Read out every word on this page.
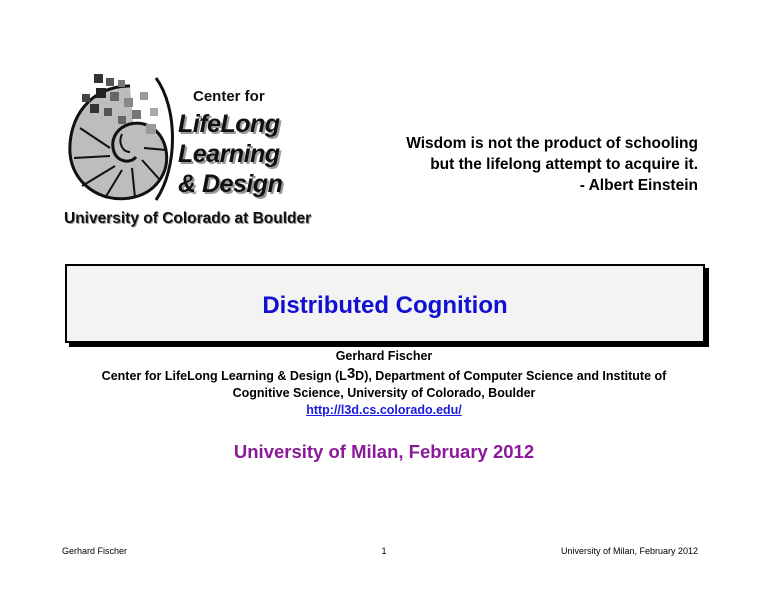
Center for
LifeLong
Learning
& Design
University of Colorado at Boulder
Wisdom is not the product of schooling
but the lifelong attempt to acquire it.
- Albert Einstein
Distributed Cognition
Gerhard Fischer
Center for LifeLong Learning & Design $(L^3D)$, Department of Computer Science and Institute of
Cognitive Science, University of Colorado, Boulder
http://l3d.cs.colorado.edu/
University of Milan, February 2012
Gerhard Fischer	1	University of Milan, February 2012
